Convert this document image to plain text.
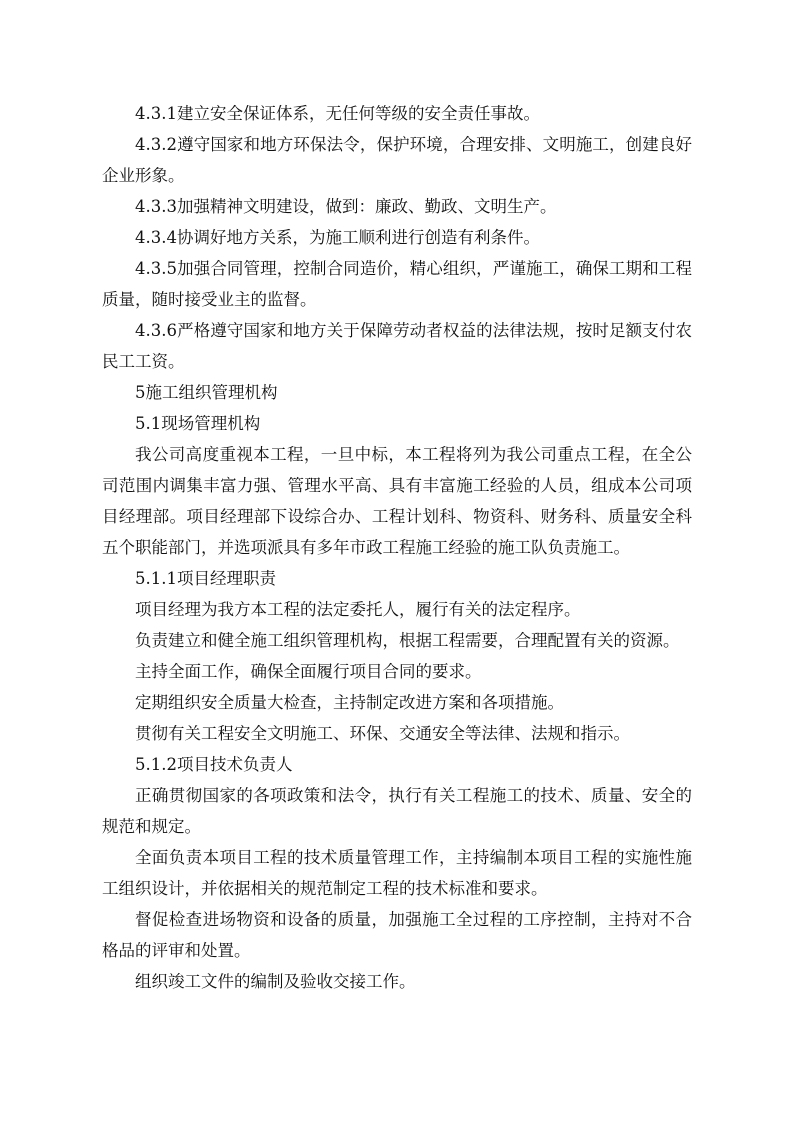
4.3.1建立安全保证体系，无任何等级的安全责任事故。

4.3.2遵守国家和地方环保法令，保护环境，合理安排、文明施工，创建良好企业形象。

4.3.3加强精神文明建设，做到：廉政、勤政、文明生产。

4.3.4协调好地方关系，为施工顺利进行创造有利条件。

4.3.5加强合同管理，控制合同造价，精心组织，严谨施工，确保工期和工程质量，随时接受业主的监督。

4.3.6严格遵守国家和地方关于保障劳动者权益的法律法规，按时足额支付农民工工资。

5施工组织管理机构

5.1现场管理机构

我公司高度重视本工程，一旦中标，本工程将列为我公司重点工程，在全公司范围内调集丰富力强、管理水平高、具有丰富施工经验的人员，组成本公司项目经理部。项目经理部下设综合办、工程计划科、物资科、财务科、质量安全科五个职能部门，并选项派具有多年市政工程施工经验的施工队负责施工。

5.1.1项目经理职责

项目经理为我方本工程的法定委托人，履行有关的法定程序。

负责建立和健全施工组织管理机构，根据工程需要，合理配置有关的资源。

主持全面工作，确保全面履行项目合同的要求。

定期组织安全质量大检查，主持制定改进方案和各项措施。

贯彻有关工程安全文明施工、环保、交通安全等法律、法规和指示。

5.1.2项目技术负责人

正确贯彻国家的各项政策和法令，执行有关工程施工的技术、质量、安全的规范和规定。

全面负责本项目工程的技术质量管理工作，主持编制本项目工程的实施性施工组织设计，并依据相关的规范制定工程的技术标准和要求。

督促检查进场物资和设备的质量，加强施工全过程的工序控制，主持对不合格品的评审和处置。

组织竣工文件的编制及验收交接工作。
